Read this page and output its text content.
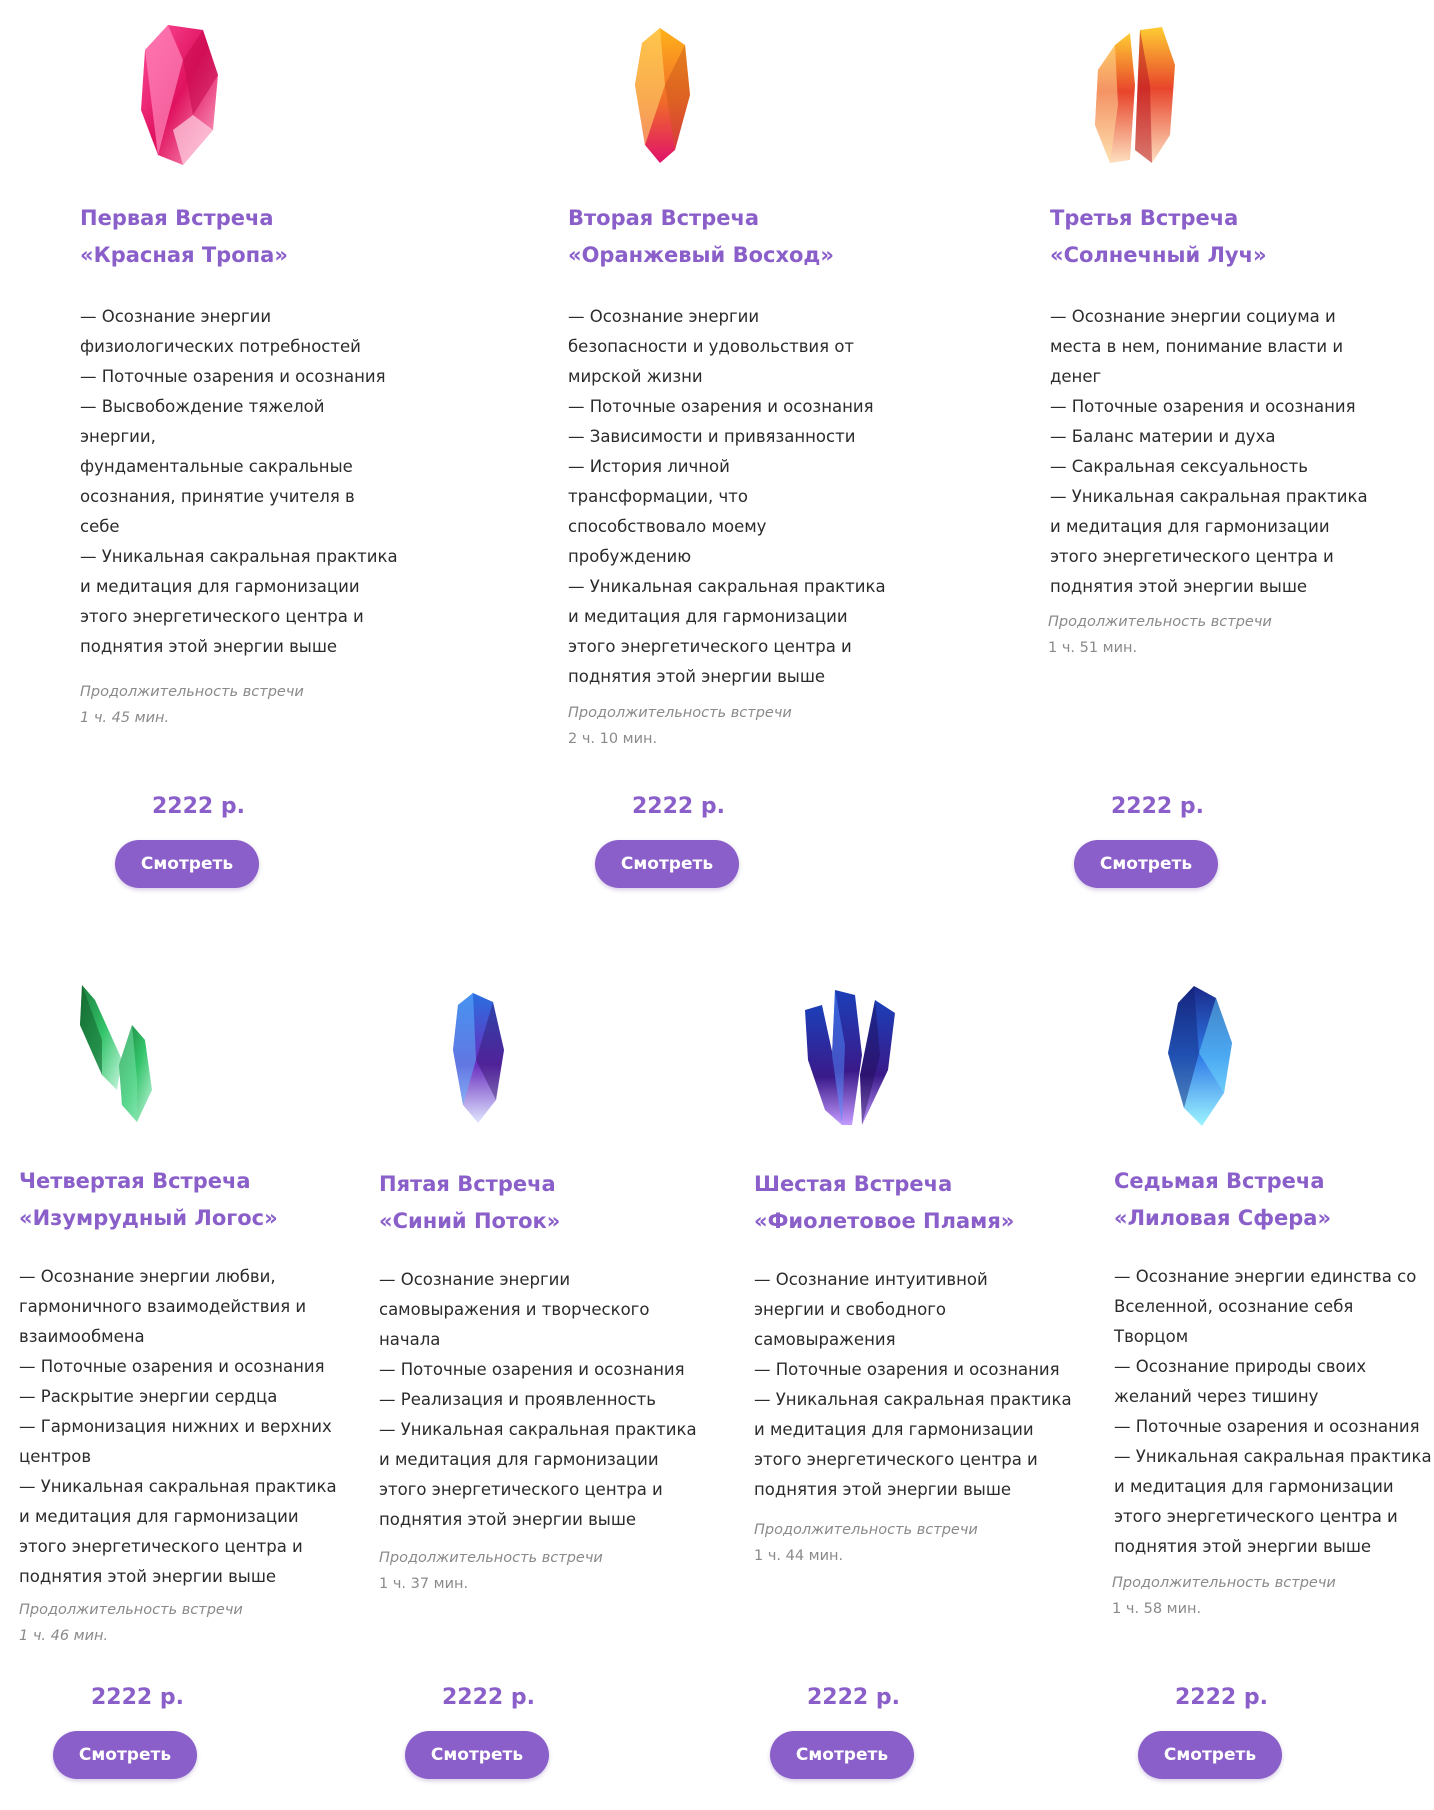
Первая Встреча
«Красная Тропа»
— Осознание энергии
физиологических потребностей
— Поточные озарения и осознания
— Высвобождение тяжелой
энергии,
фундаментальные сакральные
осознания, принятие учителя в
себе
— Уникальная сакральная практика
и медитация для гармонизации
этого энергетического центра и
поднятия этой энергии выше
Продолжительность встречи
1 ч. 45 мин.
2222 р.
Смотреть
Вторая Встреча
«Оранжевый Восход»
— Осознание энергии
безопасности и удовольствия от
мирской жизни
— Поточные озарения и осознания
— Зависимости и привязанности
— История личной
трансформации, что
способствовало моему
пробуждению
— Уникальная сакральная практика
и медитация для гармонизации
этого энергетического центра и
поднятия этой энергии выше
Продолжительность встречи
2 ч. 10 мин.
2222 р.
Смотреть
Третья Встреча
«Солнечный Луч»
— Осознание энергии социума и
места в нем, понимание власти и
денег
— Поточные озарения и осознания
— Баланс материи и духа
— Сакральная сексуальность
— Уникальная сакральная практика
и медитация для гармонизации
этого энергетического центра и
поднятия этой энергии выше
Продолжительность встречи
1 ч. 51 мин.
2222 р.
Смотреть
Четвертая Встреча
«Изумрудный Логос»
— Осознание энергии любви,
гармоничного взаимодействия и
взаимообмена
— Поточные озарения и осознания
— Раскрытие энергии сердца
— Гармонизация нижних и верхних
центров
— Уникальная сакральная практика
и медитация для гармонизации
этого энергетического центра и
поднятия этой энергии выше
Продолжительность встречи
1 ч. 46 мин.
2222 р.
Смотреть
Пятая Встреча
«Синий Поток»
— Осознание энергии
самовыражения и творческого
начала
— Поточные озарения и осознания
— Реализация и проявленность
— Уникальная сакральная практика
и медитация для гармонизации
этого энергетического центра и
поднятия этой энергии выше
Продолжительность встречи
1 ч. 37 мин.
2222 р.
Смотреть
Шестая Встреча
«Фиолетовое Пламя»
— Осознание интуитивной
энергии и свободного
самовыражения
— Поточные озарения и осознания
— Уникальная сакральная практика
и медитация для гармонизации
этого энергетического центра и
поднятия этой энергии выше
Продолжительность встречи
1 ч. 44 мин.
2222 р.
Смотреть
Седьмая Встреча
«Лиловая Сфера»
— Осознание энергии единства со
Вселенной, осознание себя
Творцом
— Осознание природы своих
желаний через тишину
— Поточные озарения и осознания
— Уникальная сакральная практика
и медитация для гармонизации
этого энергетического центра и
поднятия этой энергии выше
Продолжительность встречи
1 ч. 58 мин.
2222 р.
Смотреть
